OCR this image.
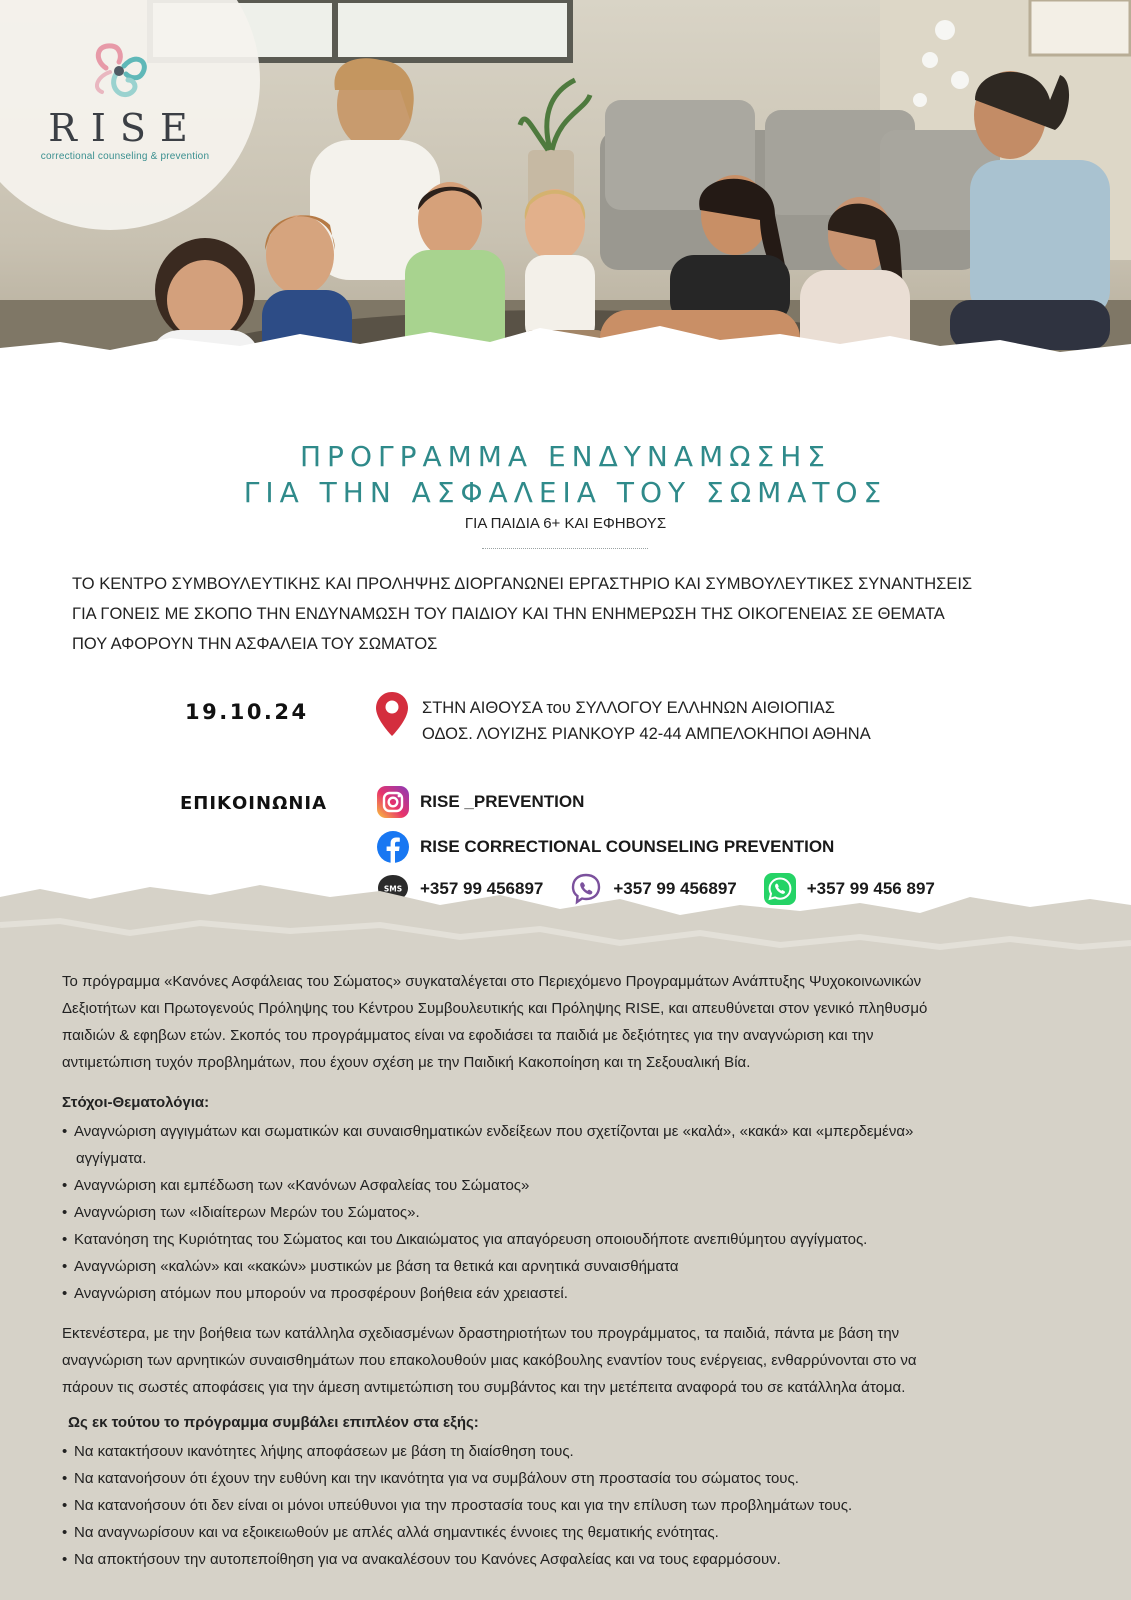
RISE
correctional counseling & prevention
ΠΡΟΓΡΑΜΜΑ ΕΝΔΥΝΑΜΩΣΗΣ
ΓΙΑ ΤΗΝ ΑΣΦΑΛΕΙΑ ΤΟΥ ΣΩΜΑΤΟΣ
ΓΙΑ ΠΑΙΔΙΑ 6+ ΚΑΙ ΕΦΗΒΟΥΣ
ΤΟ ΚΕΝΤΡΟ ΣΥΜΒΟΥΛΕΥΤΙΚΗΣ ΚΑΙ ΠΡΟΛΗΨΗΣ ΔΙΟΡΓΑΝΩΝΕΙ ΕΡΓΑΣΤΗΡΙΟ ΚΑΙ ΣΥΜΒΟΥΛΕΥΤΙΚΕΣ ΣΥΝΑΝΤΗΣΕΙΣ
ΓΙΑ ΓΟΝΕΙΣ ΜΕ ΣΚΟΠΟ ΤΗΝ ΕΝΔΥΝΑΜΩΣΗ ΤΟΥ ΠΑΙΔΙΟΥ ΚΑΙ ΤΗΝ ΕΝΗΜΕΡΩΣΗ ΤΗΣ ΟΙΚΟΓΕΝΕΙΑΣ ΣΕ ΘΕΜΑΤΑ
ΠΟΥ ΑΦΟΡΟΥΝ ΤΗΝ ΑΣΦΑΛΕΙΑ ΤΟΥ ΣΩΜΑΤΟΣ
19.10.24	ΣΤΗΝ ΑΙΘΟΥΣΑ του ΣΥΛΛΟΓΟΥ ΕΛΛΗΝΩΝ ΑΙΘΙΟΠΙΑΣ
ΟΔΟΣ. ΛΟΥΙΖΗΣ ΡΙΑΝΚΟΥΡ 42-44 ΑΜΠΕΛΟΚΗΠΟΙ ΑΘΗΝΑ
ΕΠΙΚΟΙΝΩΝΙΑ	RISE _PREVENTION
RISE CORRECTIONAL COUNSELING PREVENTION
SMS +357 99 456897	+357 99 456897	+357 99 456 897
Το πρόγραμμα «Κανόνες Ασφάλειας του Σώματος» συγκαταλέγεται στο Περιεχόμενο Προγραμμάτων Ανάπτυξης Ψυχοκοινωνικών
Δεξιοτήτων και Πρωτογενούς Πρόληψης του Κέντρου Συμβουλευτικής και Πρόληψης RISE, και απευθύνεται στον γενικό πληθυσμό
παιδιών & εφηβων ετών. Σκοπός του προγράμματος είναι να εφοδιάσει τα παιδιά με δεξιότητες για την αναγνώριση και την
αντιμετώπιση τυχόν προβλημάτων, που έχουν σχέση με την Παιδική Κακοποίηση και τη Σεξουαλική Βία.
Στόχοι-Θεματολόγια:
• Αναγνώριση αγγιγμάτων και σωματικών και συναισθηματικών ενδείξεων που σχετίζονται με «καλά», «κακά» και «μπερδεμένα»
αγγίγματα.
• Αναγνώριση και εμπέδωση των «Κανόνων Ασφαλείας του Σώματος»
• Αναγνώριση των «Ιδιαίτερων Μερών του Σώματος».
• Κατανόηση της Κυριότητας του Σώματος και του Δικαιώματος για απαγόρευση οποιουδήποτε ανεπιθύμητου αγγίγματος.
• Αναγνώριση «καλών» και «κακών» μυστικών με βάση τα θετικά και αρνητικά συναισθήματα
• Αναγνώριση ατόμων που μπορούν να προσφέρουν βοήθεια εάν χρειαστεί.
Εκτενέστερα, με την βοήθεια των κατάλληλα σχεδιασμένων δραστηριοτήτων του προγράμματος, τα παιδιά, πάντα με βάση την
αναγνώριση των αρνητικών συναισθημάτων που επακολουθούν μιας κακόβουλης εναντίον τους ενέργειας, ενθαρρύνονται στο να
πάρουν τις σωστές αποφάσεις για την άμεση αντιμετώπιση του συμβάντος και την μετέπειτα αναφορά του σε κατάλληλα άτομα.
Ως εκ τούτου το πρόγραμμα συμβάλει επιπλέον στα εξής:
• Να κατακτήσουν ικανότητες λήψης αποφάσεων με βάση τη διαίσθηση τους.
• Να κατανοήσουν ότι έχουν την ευθύνη και την ικανότητα για να συμβάλουν στη προστασία του σώματος τους.
• Να κατανοήσουν ότι δεν είναι οι μόνοι υπεύθυνοι για την προστασία τους και για την επίλυση των προβλημάτων τους.
• Να αναγνωρίσουν και να εξοικειωθούν με απλές αλλά σημαντικές έννοιες της θεματικής ενότητας.
• Να αποκτήσουν την αυτοπεποίθηση για να ανακαλέσουν του Κανόνες Ασφαλείας και να τους εφαρμόσουν.
